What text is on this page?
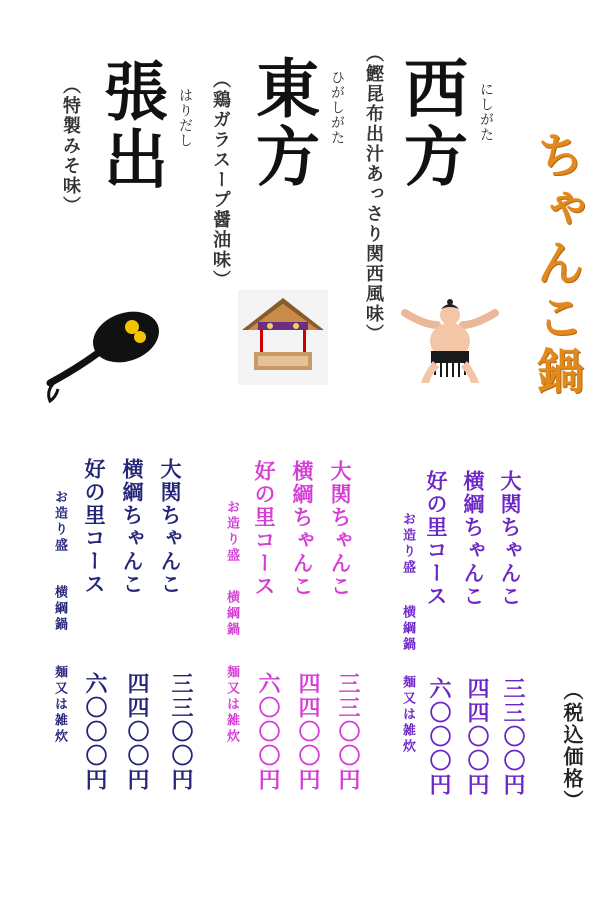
ちゃんこ鍋
西方 にしがた
（鰹昆布出汁あっさり関西風味）
東方 ひがしがた
（鶏ガラスープ醤油味）
張出 はりだし
（特製みそ味）
大関ちゃんこ
横綱ちゃんこ
好の里コース
お造り盛
横綱鍋
麺又は雑炊	三三〇〇円
四四〇〇円
六〇〇〇円	（税込価格）
大関ちゃんこ
横綱ちゃんこ
好の里コース
お造り盛
横綱鍋
麺又は雑炊	三三〇〇円
四四〇〇円
六〇〇〇円
大関ちゃんこ
横綱ちゃんこ
好の里コース
お造り盛
横綱鍋
麺又は雑炊	三三〇〇円
四四〇〇円
六〇〇〇円
